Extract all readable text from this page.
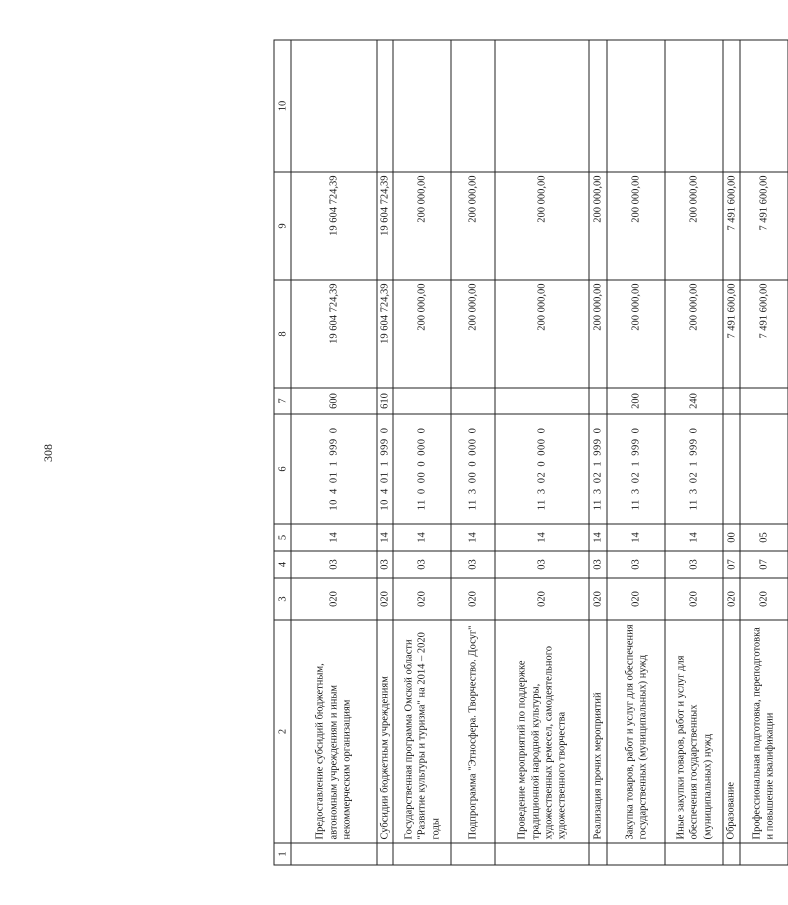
308
1	2	3	4	5	6	7	8	9	10
	Предоставление субсидий бюджетным, автономным учреждениям и иным некоммерческим организациям	020	03	14	10 4 01 1 999 0	600	19 604 724,39	19 604 724,39	
	Субсидии бюджетным учреждениям	020	03	14	10 4 01 1 999 0	610	19 604 724,39	19 604 724,39	
	Государственная программа Омской области "Развитие культуры и туризма" на 2014 – 2020 годы	020	03	14	11 0 00 0 000 0		200 000,00	200 000,00	
	Подпрограмма "Этносфера. Творчество. Досуг"	020	03	14	11 3 00 0 000 0		200 000,00	200 000,00	
	Проведение мероприятий по поддержке традиционной народной культуры, художественных ремесел, самодеятельного художественного творчества	020	03	14	11 3 02 0 000 0		200 000,00	200 000,00	
	Реализация прочих мероприятий	020	03	14	11 3 02 1 999 0		200 000,00	200 000,00	
	Закупка товаров, работ и услуг для обеспечения государственных (муниципальных) нужд	020	03	14	11 3 02 1 999 0	200	200 000,00	200 000,00	
	Иные закупки товаров, работ и услуг для обеспечения государственных (муниципальных) нужд	020	03	14	11 3 02 1 999 0	240	200 000,00	200 000,00	
	Образование	020	07	00			7 491 600,00	7 491 600,00	
	Профессиональная подготовка, переподготовка и повышение квалификации	020	07	05			7 491 600,00	7 491 600,00	
